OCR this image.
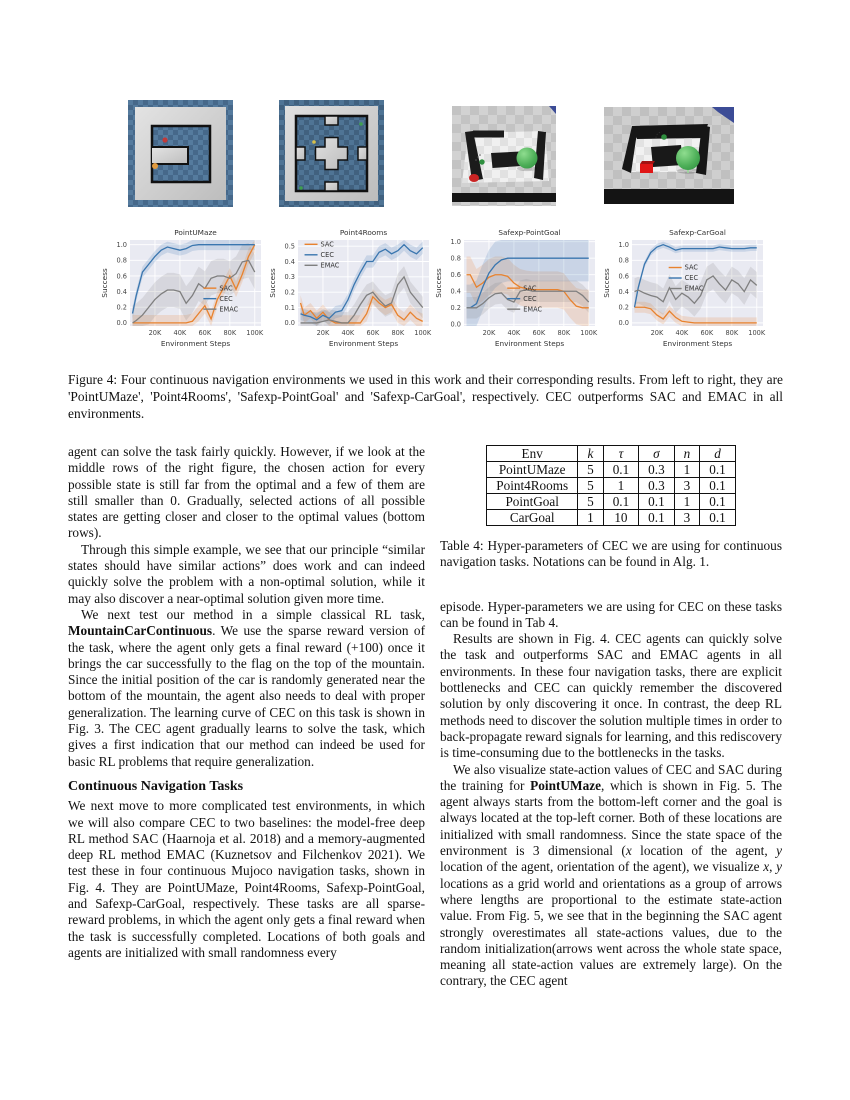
0.0
0.2
0.4
0.6
0.8
1.0
20K 40K 60K 80K 100K
PointUMaze
Environment Steps
Success	SAC
CEC
EMAC
0.0
0.1
0.2
0.3
0.4
0.5
20K 40K 60K 80K 100K
Point4Rooms
Environment Steps
Success
SAC
CEC
EMAC
0.0
0.2
0.4
0.6
0.8
1.0
20K 40K 60K 80K 100K
Safexp-PointGoal
Environment Steps
Success	SAC
CEC
EMAC
0.0
0.2
0.4
0.6
0.8
1.0
20K 40K 60K 80K 100K
Safexp-CarGoal
Environment Steps
Success
SAC
CEC
EMAC
Figure 4: Four continuous navigation environments we used in this work and their corresponding results. From left to right, they are 'PointUMaze', 'Point4Rooms', 'Safexp-PointGoal' and 'Safexp-CarGoal', respectively. CEC outperforms SAC and EMAC in all environments.

agent can solve the task fairly quickly. However, if we look at the middle rows of the right figure, the chosen action for every possible state is still far from the optimal and a few of them are still smaller than 0. Gradually, selected actions of all possible states are getting closer and closer to the optimal values (bottom rows).

Through this simple example, we see that our principle “similar states should have similar actions” does work and can indeed quickly solve the problem with a non-optimal solution, while it may also discover a near-optimal solution given more time.

We next test our method in a simple classical RL task, MountainCarContinuous. We use the sparse reward version of the task, where the agent only gets a final reward (+100) once it brings the car successfully to the flag on the top of the mountain. Since the initial position of the car is randomly generated near the bottom of the mountain, the agent also needs to deal with proper generalization. The learning curve of CEC on this task is shown in Fig. 3. The CEC agent gradually learns to solve the task, which gives a first indication that our method can indeed be used for basic RL problems that require generalization.

Continuous Navigation Tasks

We next move to more complicated test environments, in which we will also compare CEC to two baselines: the model-free deep RL method SAC (Haarnoja et al. 2018) and a memory-augmented deep RL method EMAC (Kuznetsov and Filchenkov 2021). We test these in four continuous Mujoco navigation tasks, shown in Fig. 4. They are PointUMaze, Point4Rooms, Safexp-PointGoal, and Safexp-CarGoal, respectively. These tasks are all sparse-reward problems, in which the agent only gets a final reward when the task is successfully completed. Locations of both goals and agents are initialized with small randomness every

Env	k	τ	σ	n	d
PointUMaze	5	0.1	0.3	1	0.1
Point4Rooms	5	1	0.3	3	0.1
PointGoal	5	0.1	0.1	1	0.1
CarGoal	1	10	0.1	3	0.1

Table 4: Hyper-parameters of CEC we are using for continuous navigation tasks. Notations can be found in Alg. 1.

episode. Hyper-parameters we are using for CEC on these tasks can be found in Tab 4.

Results are shown in Fig. 4. CEC agents can quickly solve the task and outperforms SAC and EMAC agents in all environments. In these four navigation tasks, there are explicit bottlenecks and CEC can quickly remember the discovered solution by only discovering it once. In contrast, the deep RL methods need to discover the solution multiple times in order to back-propagate reward signals for learning, and this rediscovery is time-consuming due to the bottlenecks in the tasks.

We also visualize state-action values of CEC and SAC during the training for PointUMaze, which is shown in Fig. 5. The agent always starts from the bottom-left corner and the goal is always located at the top-left corner. Both of these locations are initialized with small randomness. Since the state space of the environment is 3 dimensional (x location of the agent, y location of the agent, orientation of the agent), we visualize x, y locations as a grid world and orientations as a group of arrows where lengths are proportional to the estimate state-action value. From Fig. 5, we see that in the beginning the SAC agent strongly overestimates all state-actions values, due to the random initialization(arrows went across the whole state space, meaning all state-action values are extremely large). On the contrary, the CEC agent
